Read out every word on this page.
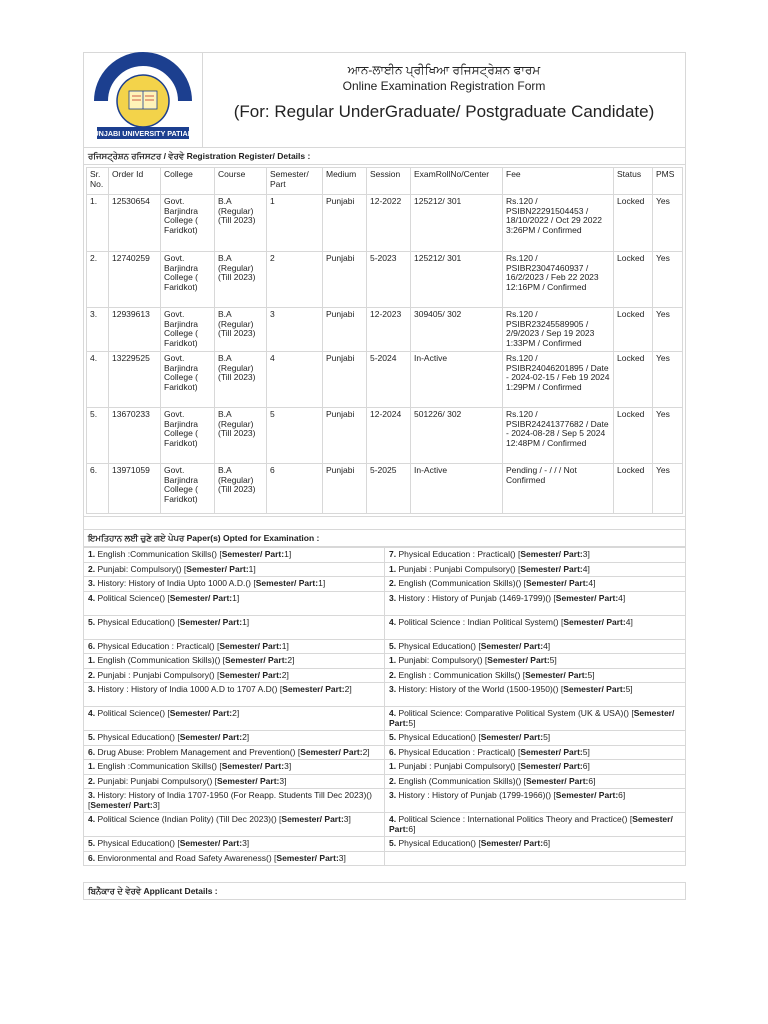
PUNJABI UNIVERSITY PATIALA
ਆਨ-ਲਾਈਨ ਪ੍ਰੀਖਿਆ ਰਜਿਸਟ੍ਰੇਸ਼ਨ ਫਾਰਮ
Online Examination Registration Form
(For: Regular UnderGraduate/ Postgraduate Candidate)
ਰਜਿਸਟ੍ਰੇਸ਼ਨ ਰਜਿਸਟਰ / ਵੇਰਵੇ Registration Register/ Details :
Sr. No.	Order Id	College	Course	Semester/ Part	Medium	Session	ExamRollNo/Center	Fee	Status	PMS
1.	12530654	Govt. Barjindra College ( Faridkot)	B.A (Regular) (Till 2023)	1	Punjabi	12-2022	125212/ 301	Rs.120 / PSIBN22291504453 / 18/10/2022 / Oct 29 2022 3:26PM / Confirmed	Locked	Yes
2.	12740259	Govt. Barjindra College ( Faridkot)	B.A (Regular) (Till 2023)	2	Punjabi	5-2023	125212/ 301	Rs.120 / PSIBR23047460937 / 16/2/2023 / Feb 22 2023 12:16PM / Confirmed	Locked	Yes
3.	12939613	Govt. Barjindra College ( Faridkot)	B.A (Regular) (Till 2023)	3	Punjabi	12-2023	309405/ 302	Rs.120 / PSIBR23245589905 / 2/9/2023 / Sep 19 2023 1:33PM / Confirmed	Locked	Yes
4.	13229525	Govt. Barjindra College ( Faridkot)	B.A (Regular) (Till 2023)	4	Punjabi	5-2024	In-Active	Rs.120 / PSIBR24046201895 / Date - 2024-02-15 / Feb 19 2024 1:29PM / Confirmed	Locked	Yes
5.	13670233	Govt. Barjindra College ( Faridkot)	B.A (Regular) (Till 2023)	5	Punjabi	12-2024	501226/ 302	Rs.120 / PSIBR24241377682 / Date - 2024-08-28 / Sep 5 2024 12:48PM / Confirmed	Locked	Yes
6.	13971059	Govt. Barjindra College ( Faridkot)	B.A (Regular) (Till 2023)	6	Punjabi	5-2025	In-Active	Pending / - / / / Not Confirmed	Locked	Yes
ਇਮਤਿਹਾਨ ਲਈ ਚੁਣੇ ਗਏ ਪੇਪਰ Paper(s) Opted for Examination :
1. English :Communication Skills() [Semester/ Part:1]	7. Physical Education : Practical() [Semester/ Part:3]
2. Punjabi: Compulsory() [Semester/ Part:1]	1. Punjabi : Punjabi Compulsory() [Semester/ Part:4]
3. History: History of India Upto 1000 A.D.() [Semester/ Part:1]	2. English (Communication Skills)() [Semester/ Part:4]
4. Political Science() [Semester/ Part:1]	3. History : History of Punjab (1469-1799)() [Semester/ Part:4]
5. Physical Education() [Semester/ Part:1]	4. Political Science : Indian Political System() [Semester/ Part:4]
6. Physical Education : Practical() [Semester/ Part:1]	5. Physical Education() [Semester/ Part:4]
1. English (Communication Skills)() [Semester/ Part:2]	1. Punjabi: Compulsory() [Semester/ Part:5]
2. Punjabi : Punjabi Compulsory() [Semester/ Part:2]	2. English : Communication Skills() [Semester/ Part:5]
3. History : History of India 1000 A.D to 1707 A.D() [Semester/ Part:2]	3. History: History of the World (1500-1950)() [Semester/ Part:5]
4. Political Science() [Semester/ Part:2]	4. Political Science: Comparative Political System (UK & USA)() [Semester/ Part:5]
5. Physical Education() [Semester/ Part:2]	5. Physical Education() [Semester/ Part:5]
6. Drug Abuse: Problem Management and Prevention() [Semester/ Part:2]	6. Physical Education : Practical() [Semester/ Part:5]
1. English :Communication Skills() [Semester/ Part:3]	1. Punjabi : Punjabi Compulsory() [Semester/ Part:6]
2. Punjabi: Punjabi Compulsory() [Semester/ Part:3]	2. English (Communication Skills)() [Semester/ Part:6]
3. History: History of India 1707-1950 (For Reapp. Students Till Dec 2023)() [Semester/ Part:3]	3. History : History of Punjab (1799-1966)() [Semester/ Part:6]
4. Political Science (Indian Polity) (Till Dec 2023)() [Semester/ Part:3]	4. Political Science : International Politics Theory and Practice() [Semester/ Part:6]
5. Physical Education() [Semester/ Part:3]	5. Physical Education() [Semester/ Part:6]
6. Envioronmental and Road Safety Awareness() [Semester/ Part:3]	
ਬਿਨੈਕਾਰ ਦੇ ਵੇਰਵੇ Applicant Details :
